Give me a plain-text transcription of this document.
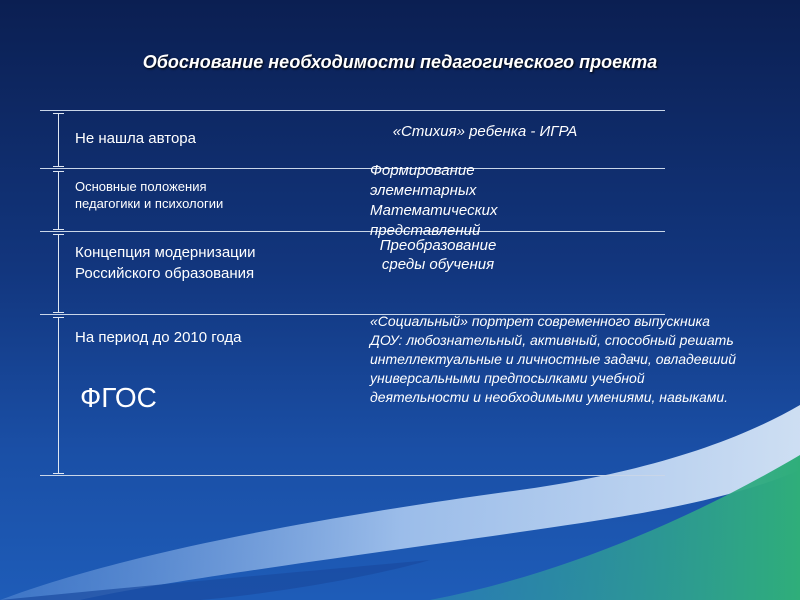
Обоснование необходимости педагогического проекта
Не нашла автора
Основные положения педагогики и психологии
Концепция модернизации Российского образования
На период до 2010 года
ФГОС
«Стихия» ребенка - ИГРА
Формирование элементарных Математических представлений
Преобразование среды обучения
«Социальный» портрет современного выпускника ДОУ: любознательный, активный, способный решать интеллектуальные и личностные задачи, овладевший универсальными предпосылками учебной деятельности и необходимыми умениями, навыками.
